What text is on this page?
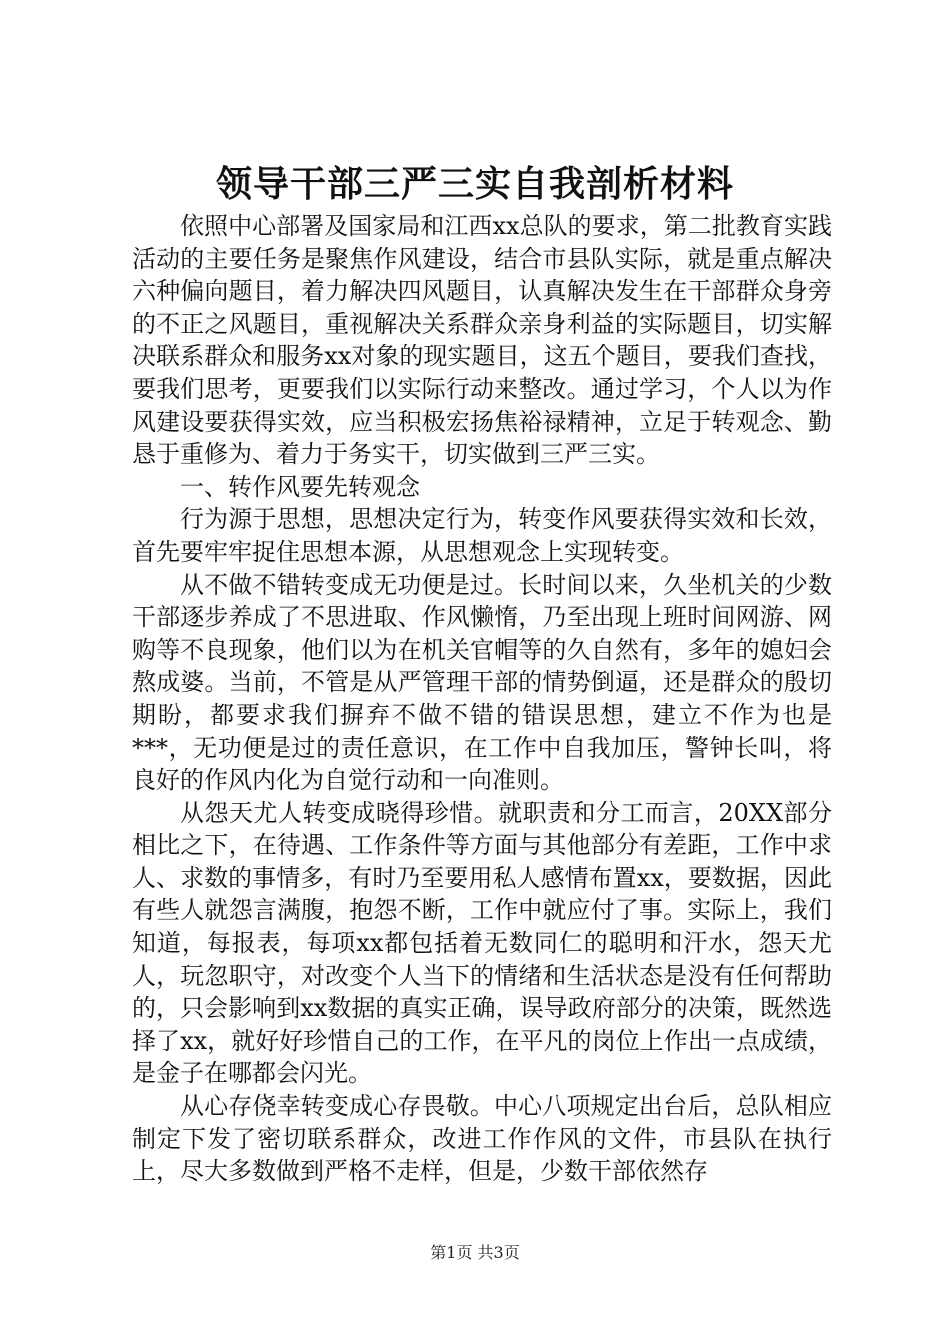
领导干部三严三实自我剖析材料

依照中心部署及国家局和江西xx总队的要求，第二批教育实践活动的主要任务是聚焦作风建设，结合市县队实际，就是重点解决六种偏向题目，着力解决四风题目，认真解决发生在干部群众身旁的不正之风题目，重视解决关系群众亲身利益的实际题目，切实解决联系群众和服务xx对象的现实题目，这五个题目，要我们查找，要我们思考，更要我们以实际行动来整改。通过学习，个人以为作风建设要获得实效，应当积极宏扬焦裕禄精神，立足于转观念、勤恳于重修为、着力于务实干，切实做到三严三实。

一、转作风要先转观念

行为源于思想，思想决定行为，转变作风要获得实效和长效，首先要牢牢捉住思想本源，从思想观念上实现转变。

从不做不错转变成无功便是过。长时间以来，久坐机关的少数干部逐步养成了不思进取、作风懒惰，乃至出现上班时间网游、网购等不良现象，他们以为在机关官帽等的久自然有，多年的媳妇会熬成婆。当前，不管是从严管理干部的情势倒逼，还是群众的殷切期盼，都要求我们摒弃不做不错的错误思想，建立不作为也是***，无功便是过的责任意识，在工作中自我加压，警钟长叫，将良好的作风内化为自觉行动和一向准则。

从怨天尤人转变成晓得珍惜。就职责和分工而言，20XX部分相比之下，在待遇、工作条件等方面与其他部分有差距，工作中求人、求数的事情多，有时乃至要用私人感情布置xx，要数据，因此有些人就怨言满腹，抱怨不断，工作中就应付了事。实际上，我们知道，每报表，每项xx都包括着无数同仁的聪明和汗水，怨天尤人，玩忽职守，对改变个人当下的情绪和生活状态是没有任何帮助的，只会影响到xx数据的真实正确，误导政府部分的决策，既然选择了xx，就好好珍惜自己的工作，在平凡的岗位上作出一点成绩，是金子在哪都会闪光。

从心存侥幸转变成心存畏敬。中心八项规定出台后，总队相应制定下发了密切联系群众，改进工作作风的文件，市县队在执行上，尽大多数做到严格不走样，但是，少数干部依然存

第1页 共3页
